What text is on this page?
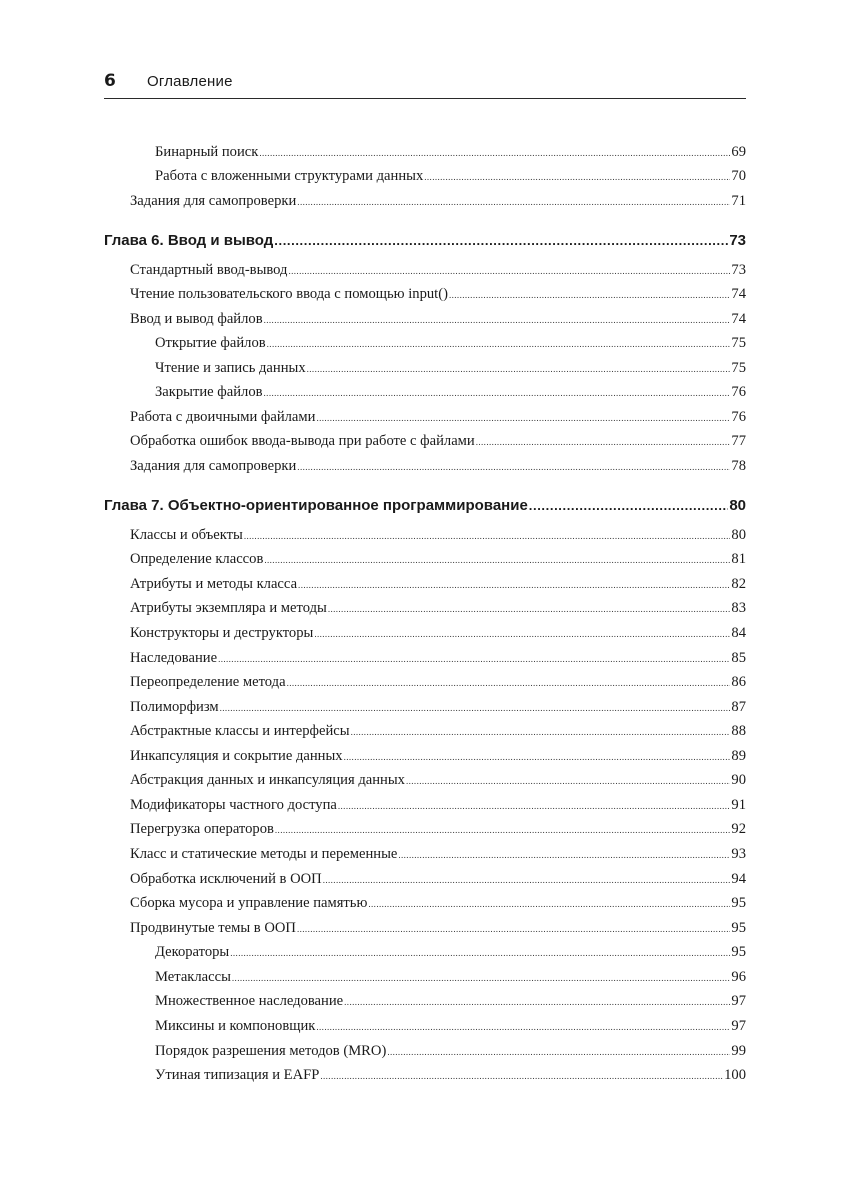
6 Оглавление
Бинарный поиск .....	69
Работа с вложенными структурами данных .....	70
Задания для самопроверки .....	71
Глава 6. Ввод и вывод .....	73
Стандартный ввод-вывод .....	73
Чтение пользовательского ввода с помощью input() .....	74
Ввод и вывод файлов .....	74
Открытие файлов .....	75
Чтение и запись данных .....	75
Закрытие файлов .....	76
Работа с двоичными файлами .....	76
Обработка ошибок ввода-вывода при работе с файлами .....	77
Задания для самопроверки .....	78
Глава 7. Объектно-ориентированное программирование .....	80
Классы и объекты .....	80
Определение классов .....	81
Атрибуты и методы класса .....	82
Атрибуты экземпляра и методы .....	83
Конструкторы и деструкторы .....	84
Наследование .....	85
Переопределение метода .....	86
Полиморфизм .....	87
Абстрактные классы и интерфейсы .....	88
Инкапсуляция и сокрытие данных .....	89
Абстракция данных и инкапсуляция данных .....	90
Модификаторы частного доступа .....	91
Перегрузка операторов .....	92
Класс и статические методы и переменные .....	93
Обработка исключений в ООП .....	94
Сборка мусора и управление памятью .....	95
Продвинутые темы в ООП .....	95
Декораторы .....	95
Метаклассы .....	96
Множественное наследование .....	97
Миксины и компоновщик .....	97
Порядок разрешения методов (MRO) .....	99
Утиная типизация и EAFP .....	100
